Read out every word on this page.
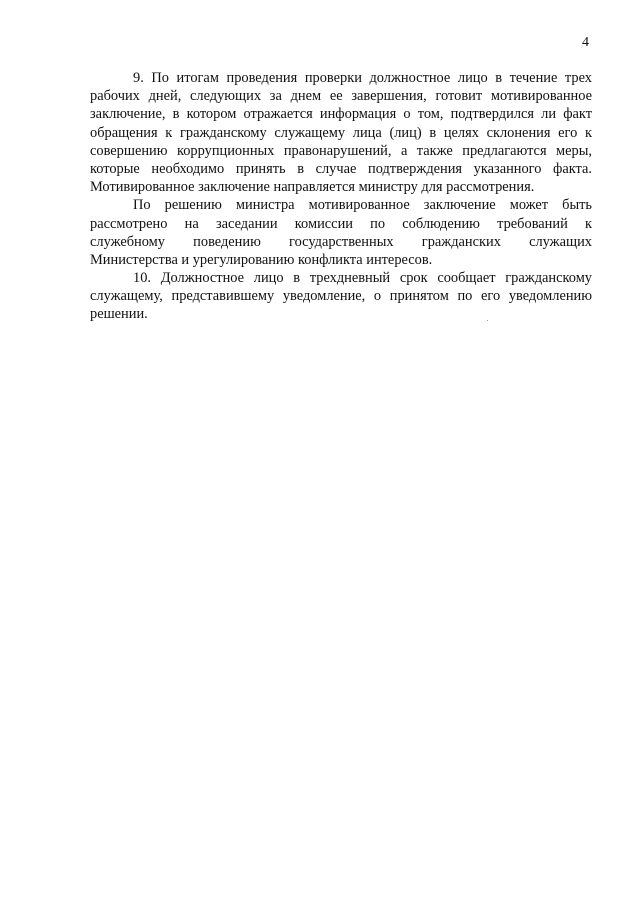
4
9. По итогам проведения проверки должностное лицо в течение трех
рабочих дней, следующих за днем ее завершения, готовит мотивированное
заключение, в котором отражается информация о том, подтвердился ли факт
обращения к гражданскому служащему лица (лиц) в целях склонения его к
совершению коррупционных правонарушений, а также предлагаются меры,
которые необходимо принять в случае подтверждения указанного факта.
Мотивированное заключение направляется министру для рассмотрения.
По решению министра мотивированное заключение может быть
рассмотрено на заседании комиссии по соблюдению требований к
служебному поведению государственных гражданских служащих
Министерства и урегулированию конфликта интересов.
10. Должностное лицо в трехдневный срок сообщает гражданскому
служащему, представившему уведомление, о принятом по его уведомлению
решении.
